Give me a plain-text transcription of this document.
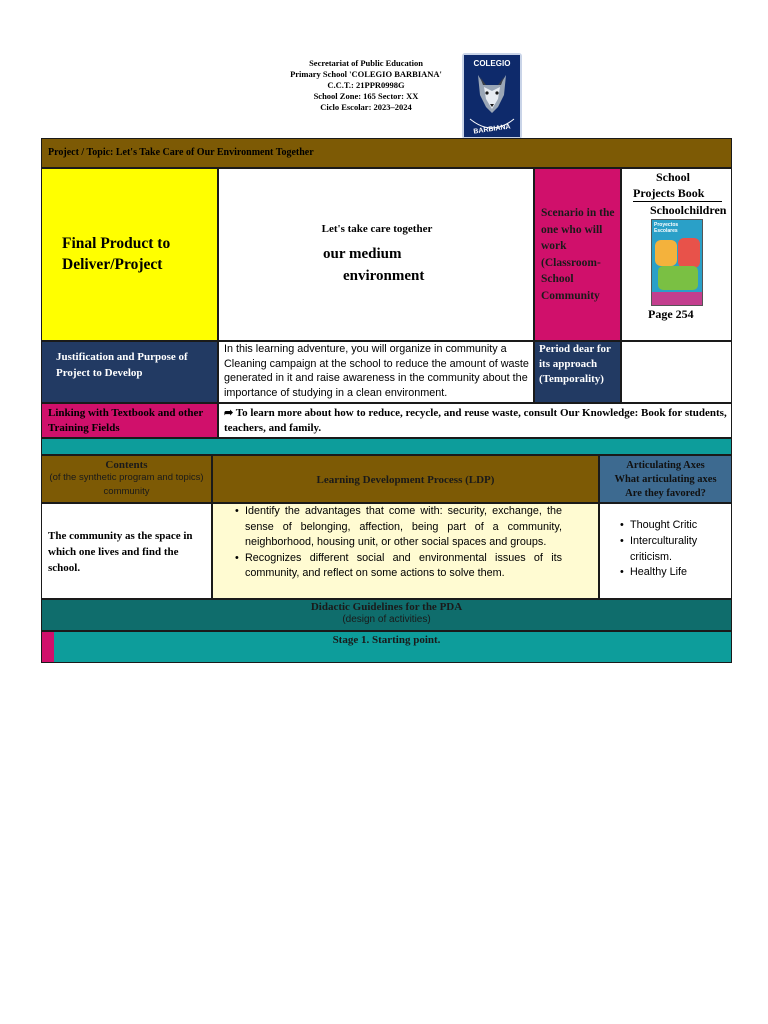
Secretariat of Public Education
Primary School 'COLEGIO BARBIANA'
C.C.T.: 21PPR0998G
School Zone: 165 Sector: XX
Ciclo Escolar: 2023–2024
COLEGIO
BARBIANA
Project / Topic: Let's Take Care of Our Environment Together
Final Product to Deliver/Project
Let's take care together
our medium
environment
Scenario in the one who will work (Classroom-School Community
School
Projects Book
Schoolchildren
Proyectos Escolares
Page 254
Justification and Purpose of Project to Develop
In this learning adventure, you will organize in community a Cleaning campaign at the school to reduce the amount of waste generated in it and raise awareness in the community about the importance of studying in a clean environment.
Period dear for its approach (Temporality)
Linking with Textbook and other Training Fields
➦ To learn more about how to reduce, recycle, and reuse waste, consult Our Knowledge: Book for students, teachers, and family.
Contents
(of the synthetic program and topics)
community
Learning Development Process (LDP)
Articulating Axes What articulating axes Are they favored?
The community as the space in which one lives and find the school.
• Identify the advantages that come with: security, exchange, the sense of belonging, affection, being part of a community, neighborhood, housing unit, or other social spaces and groups.
• Recognizes different social and environmental issues of its community, and reflect on some actions to solve them.
• Thought Critic
• Interculturality criticism.
• Healthy Life
Didactic Guidelines for the PDA
(design of activities)
Stage 1. Starting point.
